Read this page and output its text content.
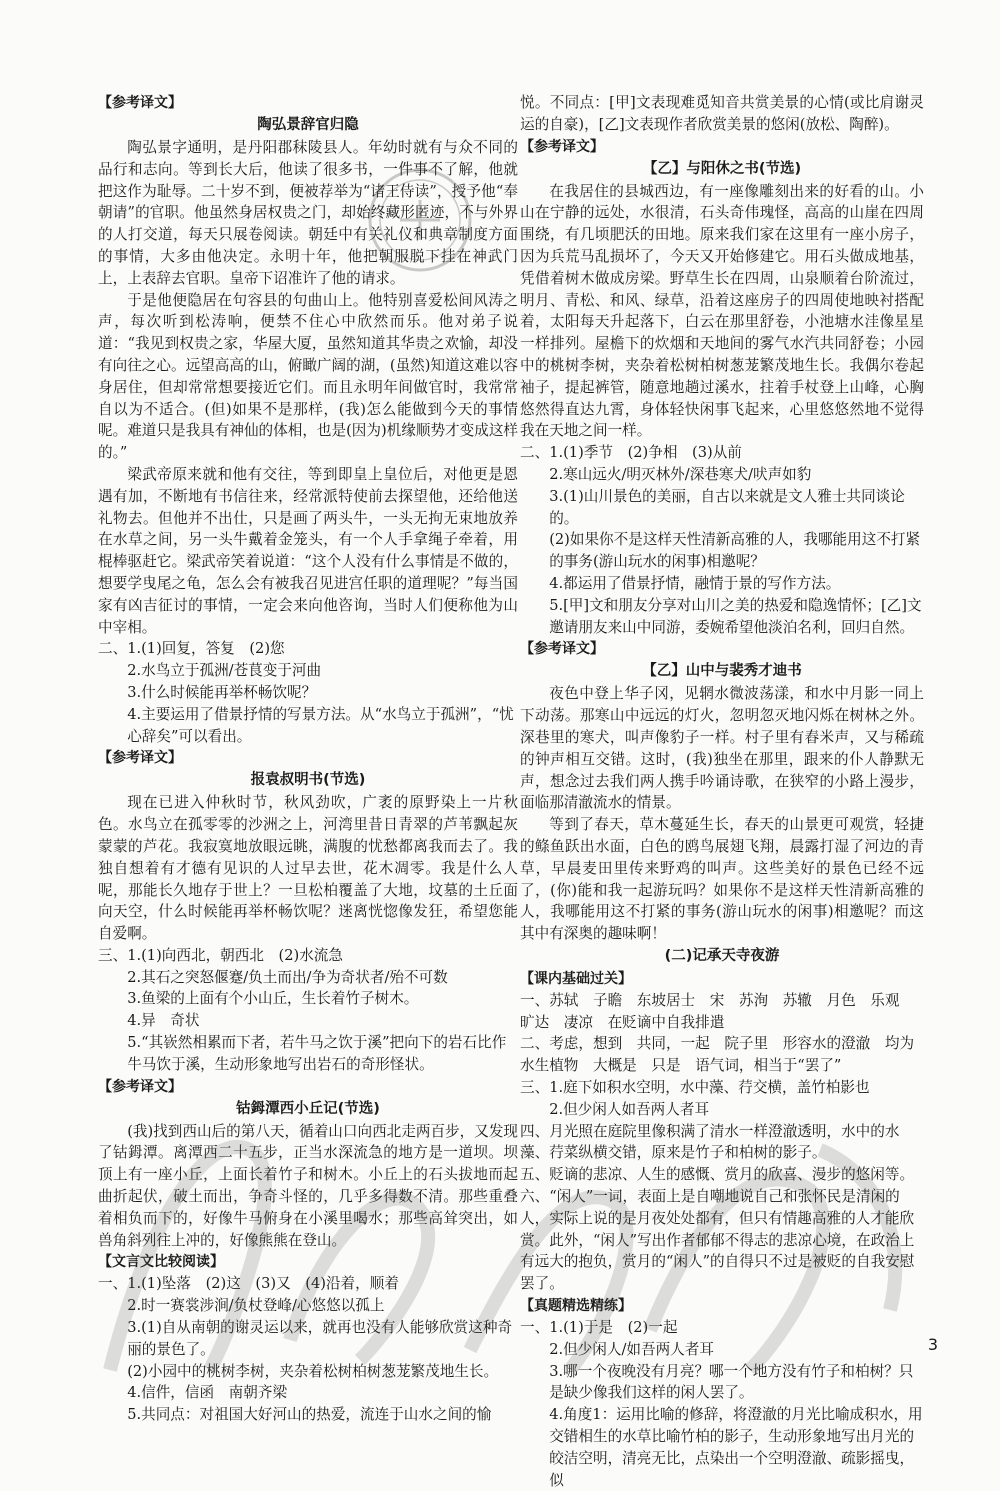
【参考译文】

陶弘景辞官归隐

陶弘景字通明，是丹阳郡秣陵县人。年幼时就有与众不同的品行和志向。等到长大后，他读了很多书，一件事不了解，他就把这作为耻辱。二十岁不到，便被荐举为“诸王侍读”，授予他“奉朝请”的官职。他虽然身居权贵之门，却始终藏形匿迹，不与外界的人打交道，每天只展卷阅读。朝廷中有关礼仪和典章制度方面的事情，大多由他决定。永明十年，他把朝服脱下挂在神武门上，上表辞去官职。皇帝下诏准许了他的请求。

于是他便隐居在句容县的句曲山上。他特别喜爱松间风涛之声，每次听到松涛响，便禁不住心中欣然而乐。他对弟子说道：“我见到权贵之家，华屋大厦，虽然知道其华贵之欢愉，却没有向往之心。远望高高的山，俯瞰广阔的湖，(虽然)知道这难以容身居住，但却常常想要接近它们。而且永明年间做官时，我常常自以为不适合。(但)如果不是那样，(我)怎么能做到今天的事情呢。难道只是我具有神仙的体相，也是(因为)机缘顺势才变成这样的。”

梁武帝原来就和他有交往，等到即皇上皇位后，对他更是恩遇有加，不断地有书信往来，经常派特使前去探望他，还给他送礼物去。但他并不出仕，只是画了两头牛，一头无拘无束地放养在水草之间，另一头牛戴着金笼头，有一个人手拿绳子牵着，用棍棒驱赶它。梁武帝笑着说道：“这个人没有什么事情是不做的，想要学曳尾之龟，怎么会有被我召见进宫任职的道理呢？”每当国家有凶吉征讨的事情，一定会来向他咨询，当时人们便称他为山中宰相。

二、1.(1)回复，答复　(2)您

2.水鸟立于孤洲/苍茛变于河曲

3.什么时候能再举杯畅饮呢？

4.主要运用了借景抒情的写景方法。从“水鸟立于孤洲”，“忧心辞矣”可以看出。

【参考译文】

报袁叔明书(节选)

现在已进入仲秋时节，秋风劲吹，广袤的原野染上一片秋色。水鸟立在孤零零的沙洲之上，河湾里昔日青翠的芦苇飘起灰蒙蒙的芦花。我寂寞地放眼远眺，满腹的忧愁都离我而去了。我独自想着有才德有见识的人过早去世，花木凋零。我是什么人呢，那能长久地存于世上？一旦松柏覆盖了大地，坟墓的土丘面向天空，什么时候能再举杯畅饮呢？迷离恍惚像发狂，希望您能自爱啊。

三、1.(1)向西北，朝西北　(2)水流急

2.其石之突怒偃蹇/负土而出/争为奇状者/殆不可数

3.鱼梁的上面有个小山丘，生长着竹子树木。

4.异　奇状

5.“其嵚然相累而下者，若牛马之饮于溪”把向下的岩石比作牛马饮于溪，生动形象地写出岩石的奇形怪状。

【参考译文】

钴鉧潭西小丘记(节选)

(我)找到西山后的第八天，循着山口向西北走两百步，又发现了钴鉧潭。离潭西二十五步，正当水深流急的地方是一道坝。坝顶上有一座小丘，上面长着竹子和树木。小丘上的石头拔地而起曲折起伏，破土而出，争奇斗怪的，几乎多得数不清。那些重叠着相负而下的，好像牛马俯身在小溪里喝水；那些高耸突出，如兽角斜列往上冲的，好像熊熊在登山。

【文言文比较阅读】

一、1.(1)坠落　(2)这　(3)又　(4)沿着，顺着

2.时一赛裳涉涧/负杖登峰/心悠悠以孤上

3.(1)自从南朝的谢灵运以来，就再也没有人能够欣赏这种奇丽的景色了。

(2)小园中的桃树李树，夹杂着松树柏树葱茏繁茂地生长。

4.信件，信函　南朝齐梁

5.共同点：对祖国大好河山的热爱，流连于山水之间的愉

悦。不同点：[甲]文表现难觅知音共赏美景的心情(或比肩谢灵运的自豪)，[乙]文表现作者欣赏美景的悠闲(放松、陶醉)。

【参考译文】

【乙】与阳休之书(节选)

在我居住的县城西边，有一座像雕刻出来的好看的山。小山在宁静的远处，水很清，石头奇伟瑰怪，高高的山崖在四周围绕，有几顷肥沃的田地。原来我们家在这里有一座小房子，因为兵荒马乱损坏了，今天又开始修建它。用石头做成地基，凭借着树木做成房梁。野草生长在四周，山泉顺着台阶流过，明月、青松、和风、绿草，沿着这座房子的四周使地映衬搭配着，太阳每天升起落下，白云在那里舒卷，小池塘水洼像星星一样排列。屋檐下的炊烟和天地间的雾气水汽共同舒卷；小园中的桃树李树，夹杂着松树柏树葱茏繁茂地生长。我偶尔卷起袖子，提起裤管，随意地趟过溪水，拄着手杖登上山峰，心胸悠然得直达九霄，身体轻快闲事飞起来，心里悠悠然地不觉得我在天地之间一样。

二、1.(1)季节　(2)争相　(3)从前

2.寒山远火/明灭林外/深巷寒犬/吠声如豹

3.(1)山川景色的美丽，自古以来就是文人雅士共同谈论的。

(2)如果你不是这样天性清新高雅的人，我哪能用这不打紧的事务(游山玩水的闲事)相邀呢？

4.都运用了借景抒情，融情于景的写作方法。

5.[甲]文和朋友分享对山川之美的热爱和隐逸情怀；[乙]文邀请朋友来山中同游，委婉希望他淡泊名利，回归自然。

【参考译文】

【乙】山中与裴秀才迪书

夜色中登上华子冈，见辋水微波荡漾，和水中月影一同上下动荡。那寒山中远远的灯火，忽明忽灭地闪烁在树林之外。深巷里的寒犬，叫声像豹子一样。村子里有舂米声，又与稀疏的钟声相互交错。这时，(我)独坐在那里，跟来的仆人静默无声，想念过去我们两人携手吟诵诗歌，在狭窄的小路上漫步，面临那清澈流水的情景。

等到了春天，草木蔓延生长，春天的山景更可观赏，轻捷的鲦鱼跃出水面，白色的鸥鸟展翅飞翔，晨露打湿了河边的青草，早晨麦田里传来野鸡的叫声。这些美好的景色已经不远了，(你)能和我一起游玩吗？如果你不是这样天性清新高雅的人，我哪能用这不打紧的事务(游山玩水的闲事)相邀呢？而这其中有深奥的趣味啊！

(二)记承天寺夜游

【课内基础过关】

一、苏轼　子瞻　东坡居士　宋　苏洵　苏辙　月色　乐观　旷达　凄凉　在贬谪中自我排遣

二、考虑，想到　共同，一起　院子里　形容水的澄澈　均为水生植物　大概是　只是　语气词，相当于“罢了”

三、1.庭下如积水空明，水中藻、荇交横，盖竹柏影也

2.但少闲人如吾两人者耳

四、月光照在庭院里像积满了清水一样澄澈透明，水中的水藻、荇菜纵横交错，原来是竹子和柏树的影子。

五、贬谪的悲凉、人生的感慨、赏月的欣喜、漫步的悠闲等。

六、“闲人”一词，表面上是自嘲地说自己和张怀民是清闲的人，实际上说的是月夜处处都有，但只有情趣高雅的人才能欣赏。此外，“闲人”写出作者郁郁不得志的悲凉心境，在政治上有远大的抱负，赏月的“闲人”的自得只不过是被贬的自我安慰罢了。

【真题精选精练】

一、1.(1)于是　(2)一起

2.但少闲人/如吾两人者耳

3.哪一个夜晚没有月亮？哪一个地方没有竹子和柏树？只是缺少像我们这样的闲人罢了。

4.角度1：运用比喻的修辞，将澄澈的月光比喻成积水，用交错相生的水草比喻竹柏的影子，生动形象地写出月光的皎洁空明，清亮无比，点染出一个空明澄澈、疏影摇曳，似

3
